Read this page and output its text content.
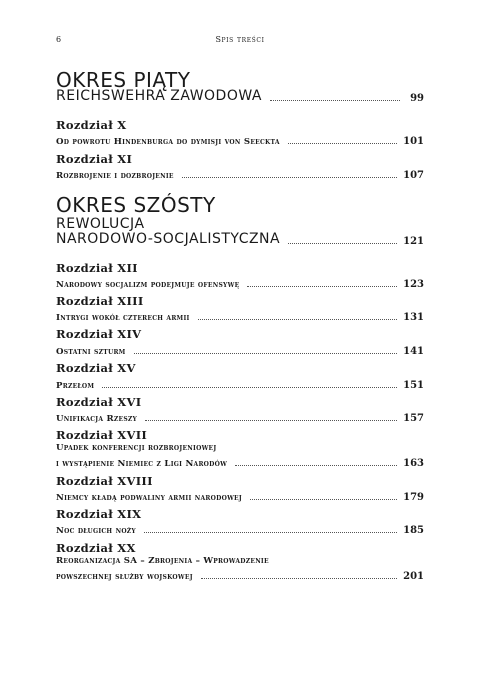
6	Spis treści
OKRES PIĄTY
REICHSWEHRA ZAWODOWA	99
Rozdział X
Od powrotu Hindenburga do dymisji von Seeckta	101
Rozdział XI
Rozbrojenie i dozbrojenie	107
OKRES SZÓSTY
REWOLUCJA
NARODOWO-SOCJALISTYCZNA	121
Rozdział XII
Narodowy socjalizm podejmuje ofensywę	123
Rozdział XIII
Intrygi wokół czterech armii	131
Rozdział XIV
Ostatni szturm	141
Rozdział XV
Przełom	151
Rozdział XVI
Unifikacja Rzeszy	157
Rozdział XVII
Upadek konferencji rozbrojeniowej
i wystąpienie Niemiec z Ligi Narodów	163
Rozdział XVIII
Niemcy kładą podwaliny armii narodowej	179
Rozdział XIX
Noc długich noży	185
Rozdział XX
Reorganizacja SA – Zbrojenia – Wprowadzenie
powszechnej służby wojskowej	201
